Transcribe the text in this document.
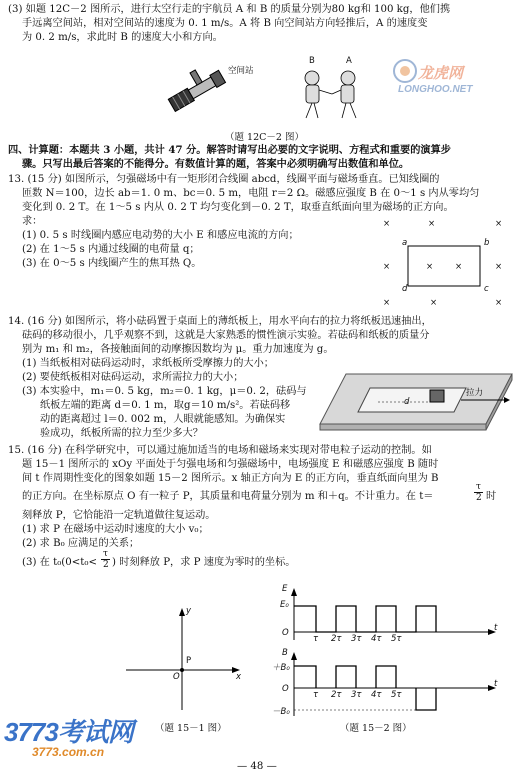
(3) 如题 12C－2 图所示，进行太空行走的宇航员 A 和 B 的质量分别为80 kg和 100 kg，他们携
手远离空间站，相对空间站的速度为 0. 1 m/s。A 将 B 向空间站方向轻推后，A 的速度变
为 0. 2 m/s，求此时 B 的速度大小和方向。
空间站
B	A
（题 12C－2 图）
龙虎网
LONGHOO.NET
四、计算题：本题共 3 小题，共计 47 分。解答时请写出必要的文字说明、方程式和重要的演算步
骤。只写出最后答案的不能得分。有数值计算的题，答案中必须明确写出数值和单位。
13. (15 分) 如图所示，匀强磁场中有一矩形闭合线圈 abcd，线圈平面与磁场垂直。已知线圈的
匝数 N＝100，边长 ab＝1. 0 m、bc＝0. 5 m，电阻 r＝2 Ω。磁感应强度 B 在 0～1 s 内从零均匀
变化到 0. 2 T。在 1～5 s 内从 0. 2 T 均匀变化到－0. 2 T，取垂直纸面向里为磁场的正方向。
求：
(1) 0. 5 s 时线圈内感应电动势的大小 E 和感应电流的方向；
(2) 在 1～5 s 内通过线圈的电荷量 q；
(3) 在 0～5 s 内线圈产生的焦耳热 Q。
×	×	×
×	×	×	×
×	×	×
a	b
c
d
14. (16 分) 如图所示，将小砝码置于桌面上的薄纸板上，用水平向右的拉力将纸板迅速抽出，
砝码的移动很小，几乎观察不到，这就是大家熟悉的惯性演示实验。若砝码和纸板的质量分
别为 m₁ 和 m₂，各接触面间的动摩擦因数均为 μ。重力加速度为 g。
(1) 当纸板相对砝码运动时，求纸板所受摩擦力的大小；
(2) 要使纸板相对砝码运动，求所需拉力的大小；
(3) 本实验中，m₁＝0. 5 kg，m₂＝0. 1 kg，μ＝0. 2，砝码与
纸板左端的距离 d＝0. 1 m，取g＝10 m/s²。若砝码移
动的距离超过 l＝0. 002 m，人眼就能感知。为确保实
验成功，纸板所需的拉力至少多大？
拉力
d
15. (16 分) 在科学研究中，可以通过施加适当的电场和磁场来实现对带电粒子运动的控制。如
题 15－1 图所示的 xOy 平面处于匀强电场和匀强磁场中，电场强度 E 和磁感应强度 B 随时
间 t 作周期性变化的图象如题 15－2 图所示。x 轴正方向为 E 的正方向，垂直纸面向里为 B
的正方向。在坐标原点 O 有一粒子 P，其质量和电荷量分别为 m 和＋q。不计重力。在 t＝
τ
2 时
刻释放 P，它恰能沿一定轨道做往复运动。
(1) 求 P 在磁场中运动时速度的大小 v₀；
(2) 求 B₀ 应满足的关系；
(3) 在 t₀(0<t₀<
τ
2 ) 时刻释放 P，求 P 速度为零时的坐标。
y
x
O
P
（题 15－1 图）
E
E₀
t
O
τ 2τ 3τ 4τ 5τ
B
＋B₀
t
O
τ 2τ 3τ 4τ 5τ
－B₀
（题 15－2 图）
3773考试网
3773.com.cn
— 48 —
